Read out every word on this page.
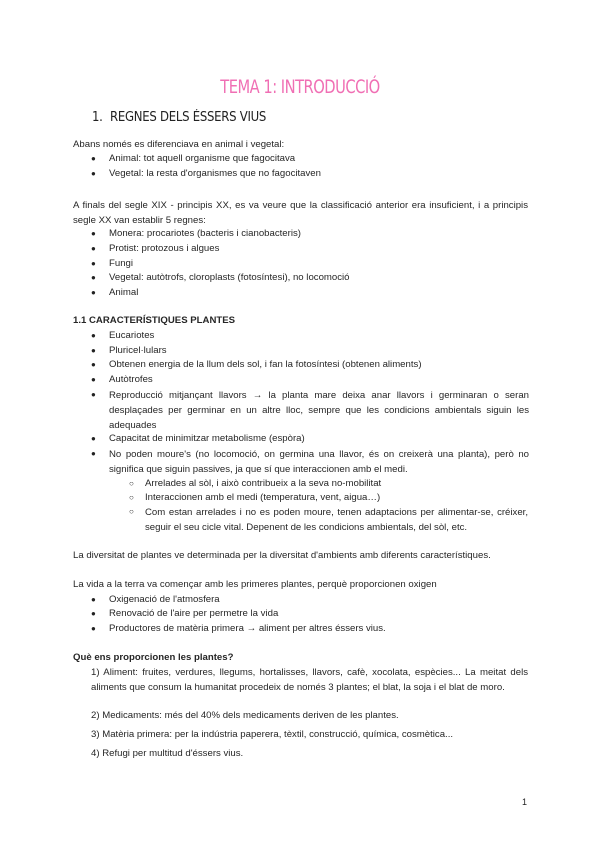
TEMA 1: INTRODUCCIÓ
1. REGNES DELS ÉSSERS VIUS
Abans només es diferenciava en animal i vegetal:
● Animal: tot aquell organisme que fagocitava
● Vegetal: la resta d'organismes que no fagocitaven
A finals del segle XIX - principis XX, es va veure que la classificació anterior era insuficient, i a principis segle XX van establir 5 regnes:
● Monera: procariotes (bacteris i cianobacteris)
● Protist: protozous i algues
● Fungi
● Vegetal: autòtrofs, cloroplasts (fotosíntesi), no locomoció
● Animal
1.1 CARACTERÍSTIQUES PLANTES
● Eucariotes
● Pluricel·lulars
● Obtenen energia de la llum dels sol, i fan la fotosíntesi (obtenen aliments)
● Autòtrofes
● Reproducció mitjançant llavors → la planta mare deixa anar llavors i germinaran o seran desplaçades per germinar en un altre lloc, sempre que les condicions ambientals siguin les adequades
● Capacitat de minimitzar metabolisme (espòra)
● No poden moure's (no locomoció, on germina una llavor, és on creixerà una planta), però no significa que siguin passives, ja que sí que interaccionen amb el medi.
○ Arrelades al sòl, i això contribueix a la seva no-mobilitat
○ Interaccionen amb el medi (temperatura, vent, aigua…)
○ Com estan arrelades i no es poden moure, tenen adaptacions per alimentar-se, créixer, seguir el seu cicle vital. Depenent de les condicions ambientals, del sòl, etc.
La diversitat de plantes ve determinada per la diversitat d'ambients amb diferents característiques.
La vida a la terra va començar amb les primeres plantes, perquè proporcionen oxigen
● Oxigenació de l'atmosfera
● Renovació de l'aire per permetre la vida
● Productores de matèria primera → aliment per altres éssers vius.
Què ens proporcionen les plantes?
1) Aliment: fruites, verdures, llegums, hortalisses, llavors, cafè, xocolata, espècies... La meitat dels aliments que consum la humanitat procedeix de només 3 plantes; el blat, la soja i el blat de moro.
2) Medicaments: més del 40% dels medicaments deriven de les plantes.
3) Matèria primera: per la indústria paperera, tèxtil, construcció, química, cosmètica...
4) Refugi per multitud d'éssers vius.
1
